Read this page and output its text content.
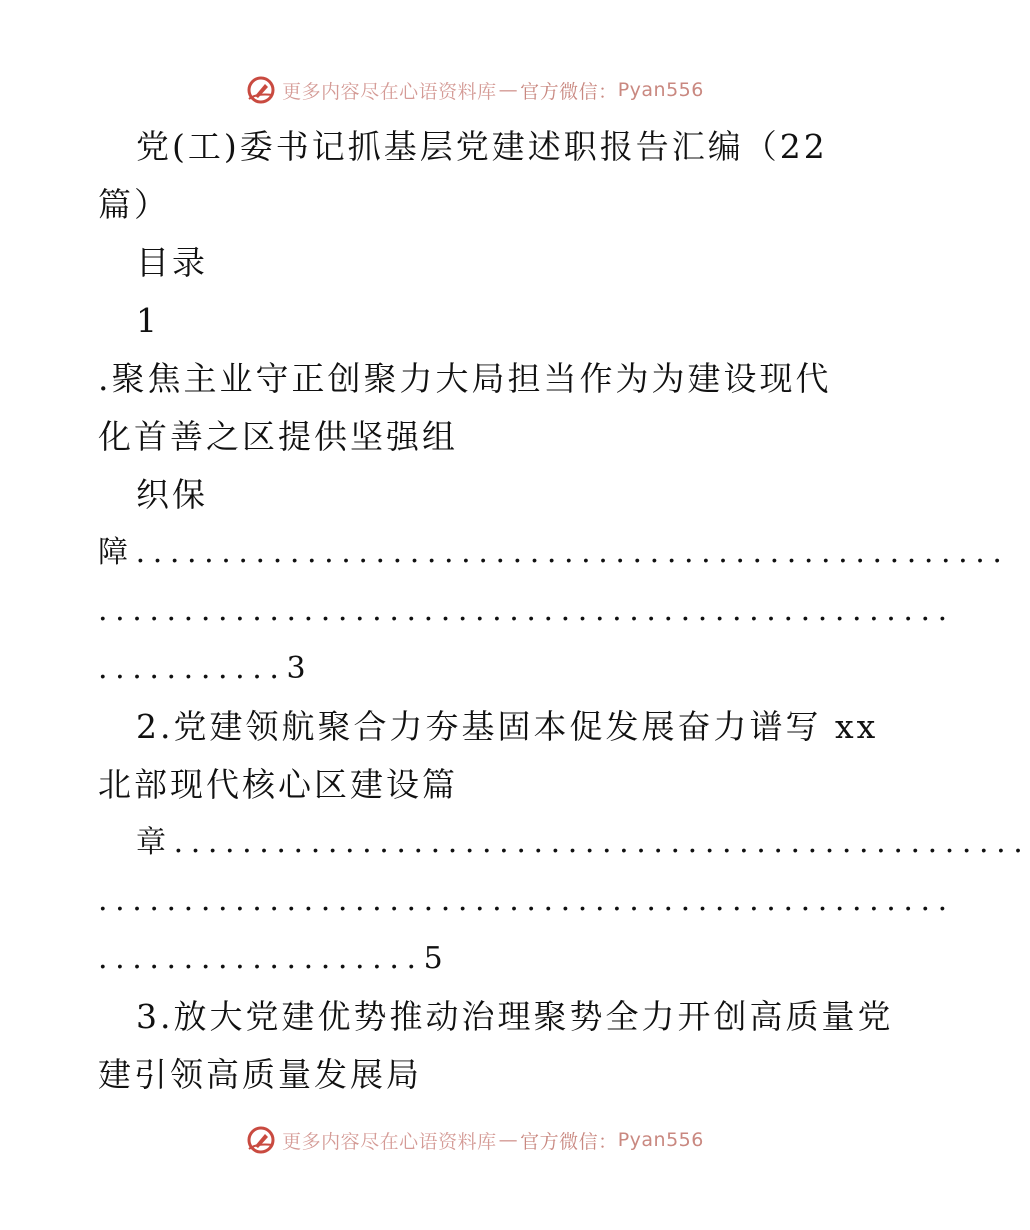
更多内容尽在心语资料库 — 官方微信： Pyan556
党(工)委书记抓基层党建述职报告汇编（22
篇）
目录
1
.聚焦主业守正创聚力大局担当作为为建设现代
化首善之区提供坚强组
织保
障...................................................
..................................................
...........3
2.党建领航聚合力夯基固本促发展奋力谱写 xx
北部现代核心区建设篇
章..................................................
..................................................
...................5
3.放大党建优势推动治理聚势全力开创高质量党
建引领高质量发展局
更多内容尽在心语资料库 — 官方微信： Pyan556
